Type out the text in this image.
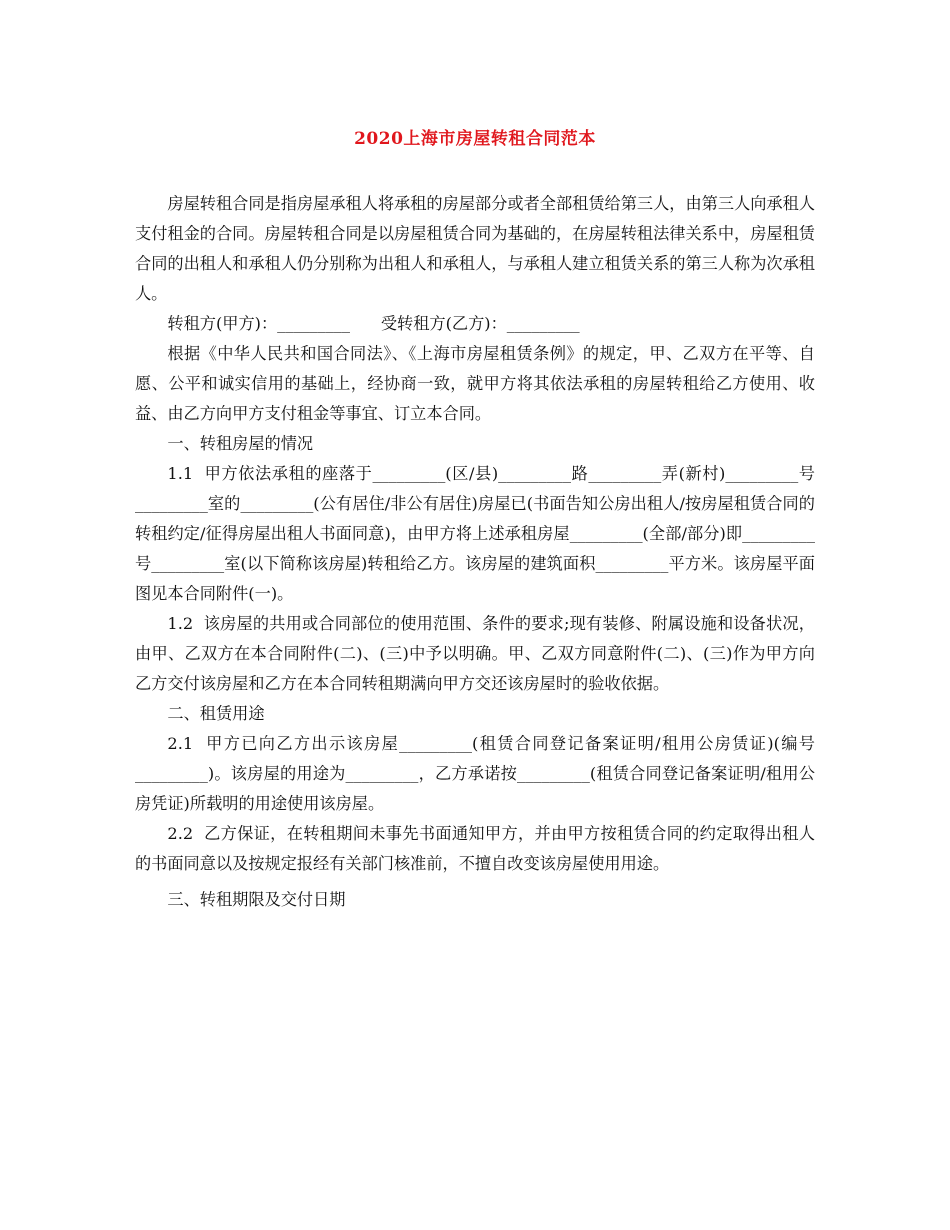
2020上海市房屋转租合同范本

房屋转租合同是指房屋承租人将承租的房屋部分或者全部租赁给第三人，由第三人向承租人支付租金的合同。房屋转租合同是以房屋租赁合同为基础的，在房屋转租法律关系中，房屋租赁合同的出租人和承租人仍分别称为出租人和承租人，与承租人建立租赁关系的第三人称为次承租人。

转租方(甲方)：_________      受转租方(乙方)：_________

根据《中华人民共和国合同法》、《上海市房屋租赁条例》的规定，甲、乙双方在平等、自愿、公平和诚实信用的基础上，经协商一致，就甲方将其依法承租的房屋转租给乙方使用、收益、由乙方向甲方支付租金等事宜、订立本合同。

一、转租房屋的情况

1.1  甲方依法承租的座落于_________(区/县)_________路_________弄(新村)_________号_________室的_________(公有居住/非公有居住)房屋已(书面告知公房出租人/按房屋租赁合同的转租约定/征得房屋出租人书面同意)，由甲方将上述承租房屋_________(全部/部分)即_________号_________室(以下简称该房屋)转租给乙方。该房屋的建筑面积_________平方米。该房屋平面图见本合同附件(一)。

1.2  该房屋的共用或合同部位的使用范围、条件的要求;现有装修、附属设施和设备状况，由甲、乙双方在本合同附件(二)、(三)中予以明确。甲、乙双方同意附件(二)、(三)作为甲方向乙方交付该房屋和乙方在本合同转租期满向甲方交还该房屋时的验收依据。

二、租赁用途

2.1  甲方已向乙方出示该房屋_________(租赁合同登记备案证明/租用公房赁证)(编号_________)。该房屋的用途为_________，乙方承诺按_________(租赁合同登记备案证明/租用公房凭证)所载明的用途使用该房屋。

2.2  乙方保证，在转租期间未事先书面通知甲方，并由甲方按租赁合同的约定取得出租人的书面同意以及按规定报经有关部门核准前，不擅自改变该房屋使用用途。

三、转租期限及交付日期
